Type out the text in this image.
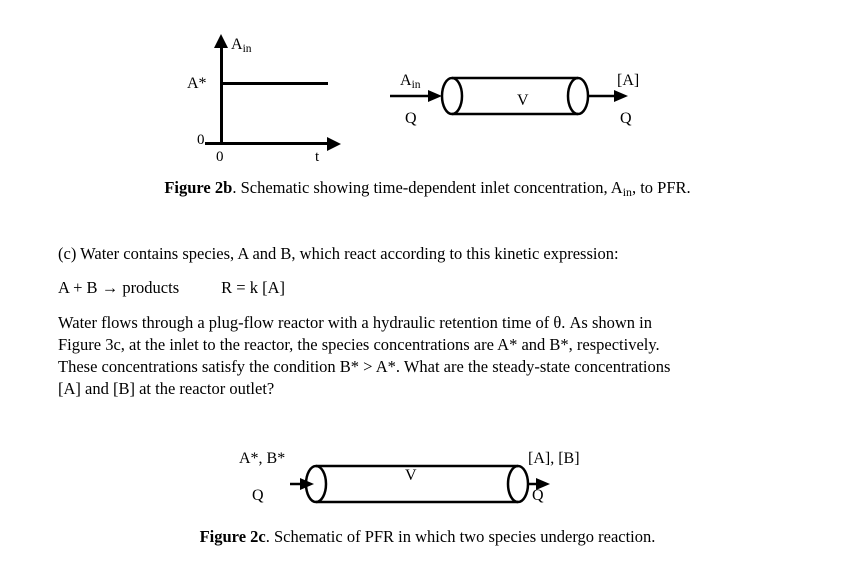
$A_{in}$
A*
0
0	t
$A_{in}$
Q
V
[A]
Q
Figure 2b. Schematic showing time-dependent inlet concentration, $A_{in}$, to PFR.
(c) Water contains species, A and B, which react according to this kinetic expression:
A + B → products	R = k [A]
Water flows through a plug-flow reactor with a hydraulic retention time of θ. As shown in
Figure 3c, at the inlet to the reactor, the species concentrations are A* and B*, respectively.
These concentrations satisfy the condition B* > A*. What are the steady-state concentrations
[A] and [B] at the reactor outlet?
A*, B*
Q
V
[A], [B]
Q
Figure 2c. Schematic of PFR in which two species undergo reaction.
